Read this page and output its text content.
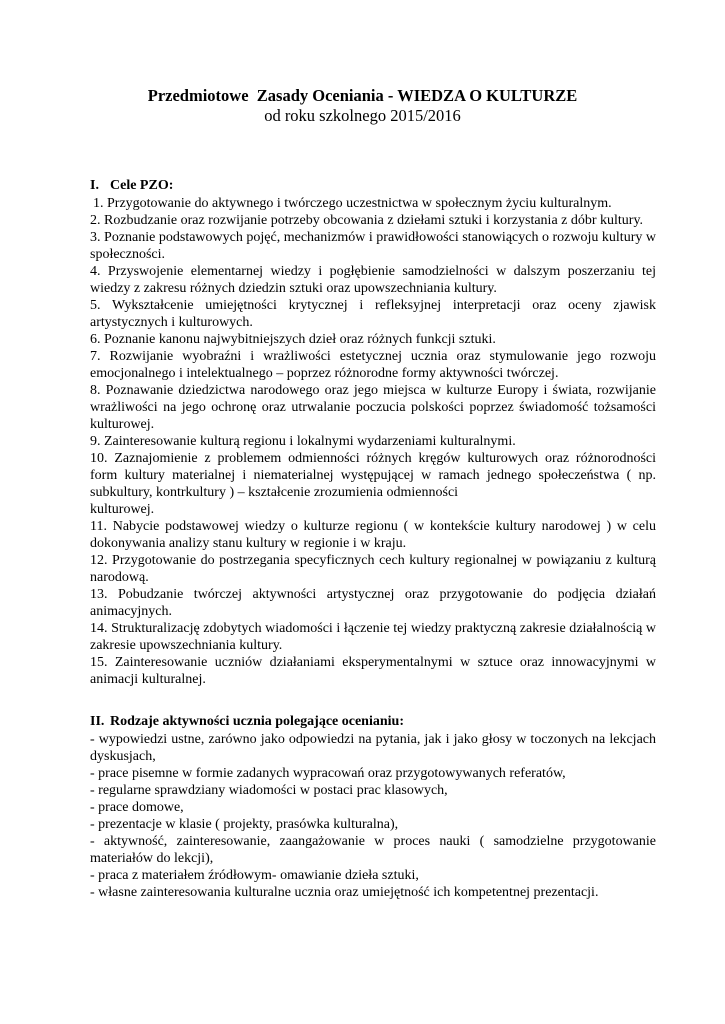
Przedmiotowe  Zasady Oceniania - WIEDZA O KULTURZE
od roku szkolnego 2015/2016
I. Cele PZO:
1. Przygotowanie do aktywnego i twórczego uczestnictwa w społecznym życiu kulturalnym.
2. Rozbudzanie oraz rozwijanie potrzeby obcowania z dziełami sztuki i korzystania z dóbr kultury.
3. Poznanie podstawowych pojęć, mechanizmów i prawidłowości stanowiących o rozwoju kultury w społeczności.
4. Przyswojenie elementarnej wiedzy i pogłębienie samodzielności w dalszym poszerzaniu tej wiedzy z zakresu różnych dziedzin sztuki oraz upowszechniania kultury.
5. Wykształcenie umiejętności krytycznej i refleksyjnej interpretacji oraz oceny zjawisk artystycznych i kulturowych.
6. Poznanie kanonu najwybitniejszych dzieł oraz różnych funkcji sztuki.
7. Rozwijanie wyobraźni i wrażliwości estetycznej ucznia oraz stymulowanie jego rozwoju emocjonalnego i intelektualnego – poprzez różnorodne formy aktywności twórczej.
8. Poznawanie dziedzictwa narodowego oraz jego miejsca w kulturze Europy i świata, rozwijanie wrażliwości na jego ochronę oraz utrwalanie poczucia polskości poprzez świadomość tożsamości kulturowej.
9. Zainteresowanie kulturą regionu i lokalnymi wydarzeniami kulturalnymi.
10. Zaznajomienie z problemem odmienności różnych kręgów kulturowych oraz różnorodności form kultury materialnej i niematerialnej występującej w ramach jednego społeczeństwa ( np. subkultury, kontrkultury ) – kształcenie zrozumienia odmienności
kulturowej.
11. Nabycie podstawowej wiedzy o kulturze regionu ( w kontekście kultury narodowej ) w celu dokonywania analizy stanu kultury w regionie i w kraju.
12. Przygotowanie do postrzegania specyficznych cech kultury regionalnej w powiązaniu z kulturą narodową.
13. Pobudzanie twórczej aktywności artystycznej oraz przygotowanie do podjęcia działań animacyjnych.
14. Strukturalizację zdobytych wiadomości i łączenie tej wiedzy praktyczną zakresie działalnością w zakresie upowszechniania kultury.
15. Zainteresowanie uczniów działaniami eksperymentalnymi w sztuce oraz innowacyjnymi w animacji kulturalnej.
II. Rodzaje aktywności ucznia polegające ocenianiu:
- wypowiedzi ustne, zarówno jako odpowiedzi na pytania, jak i jako głosy w toczonych na lekcjach dyskusjach,
- prace pisemne w formie zadanych wypracowań oraz przygotowywanych referatów,
- regularne sprawdziany wiadomości w postaci prac klasowych,
- prace domowe,
- prezentacje w klasie ( projekty, prasówka kulturalna),
- aktywność, zainteresowanie, zaangażowanie w proces nauki ( samodzielne przygotowanie materiałów do lekcji),
- praca z materiałem źródłowym- omawianie dzieła sztuki,
- własne zainteresowania kulturalne ucznia oraz umiejętność ich kompetentnej prezentacji.
